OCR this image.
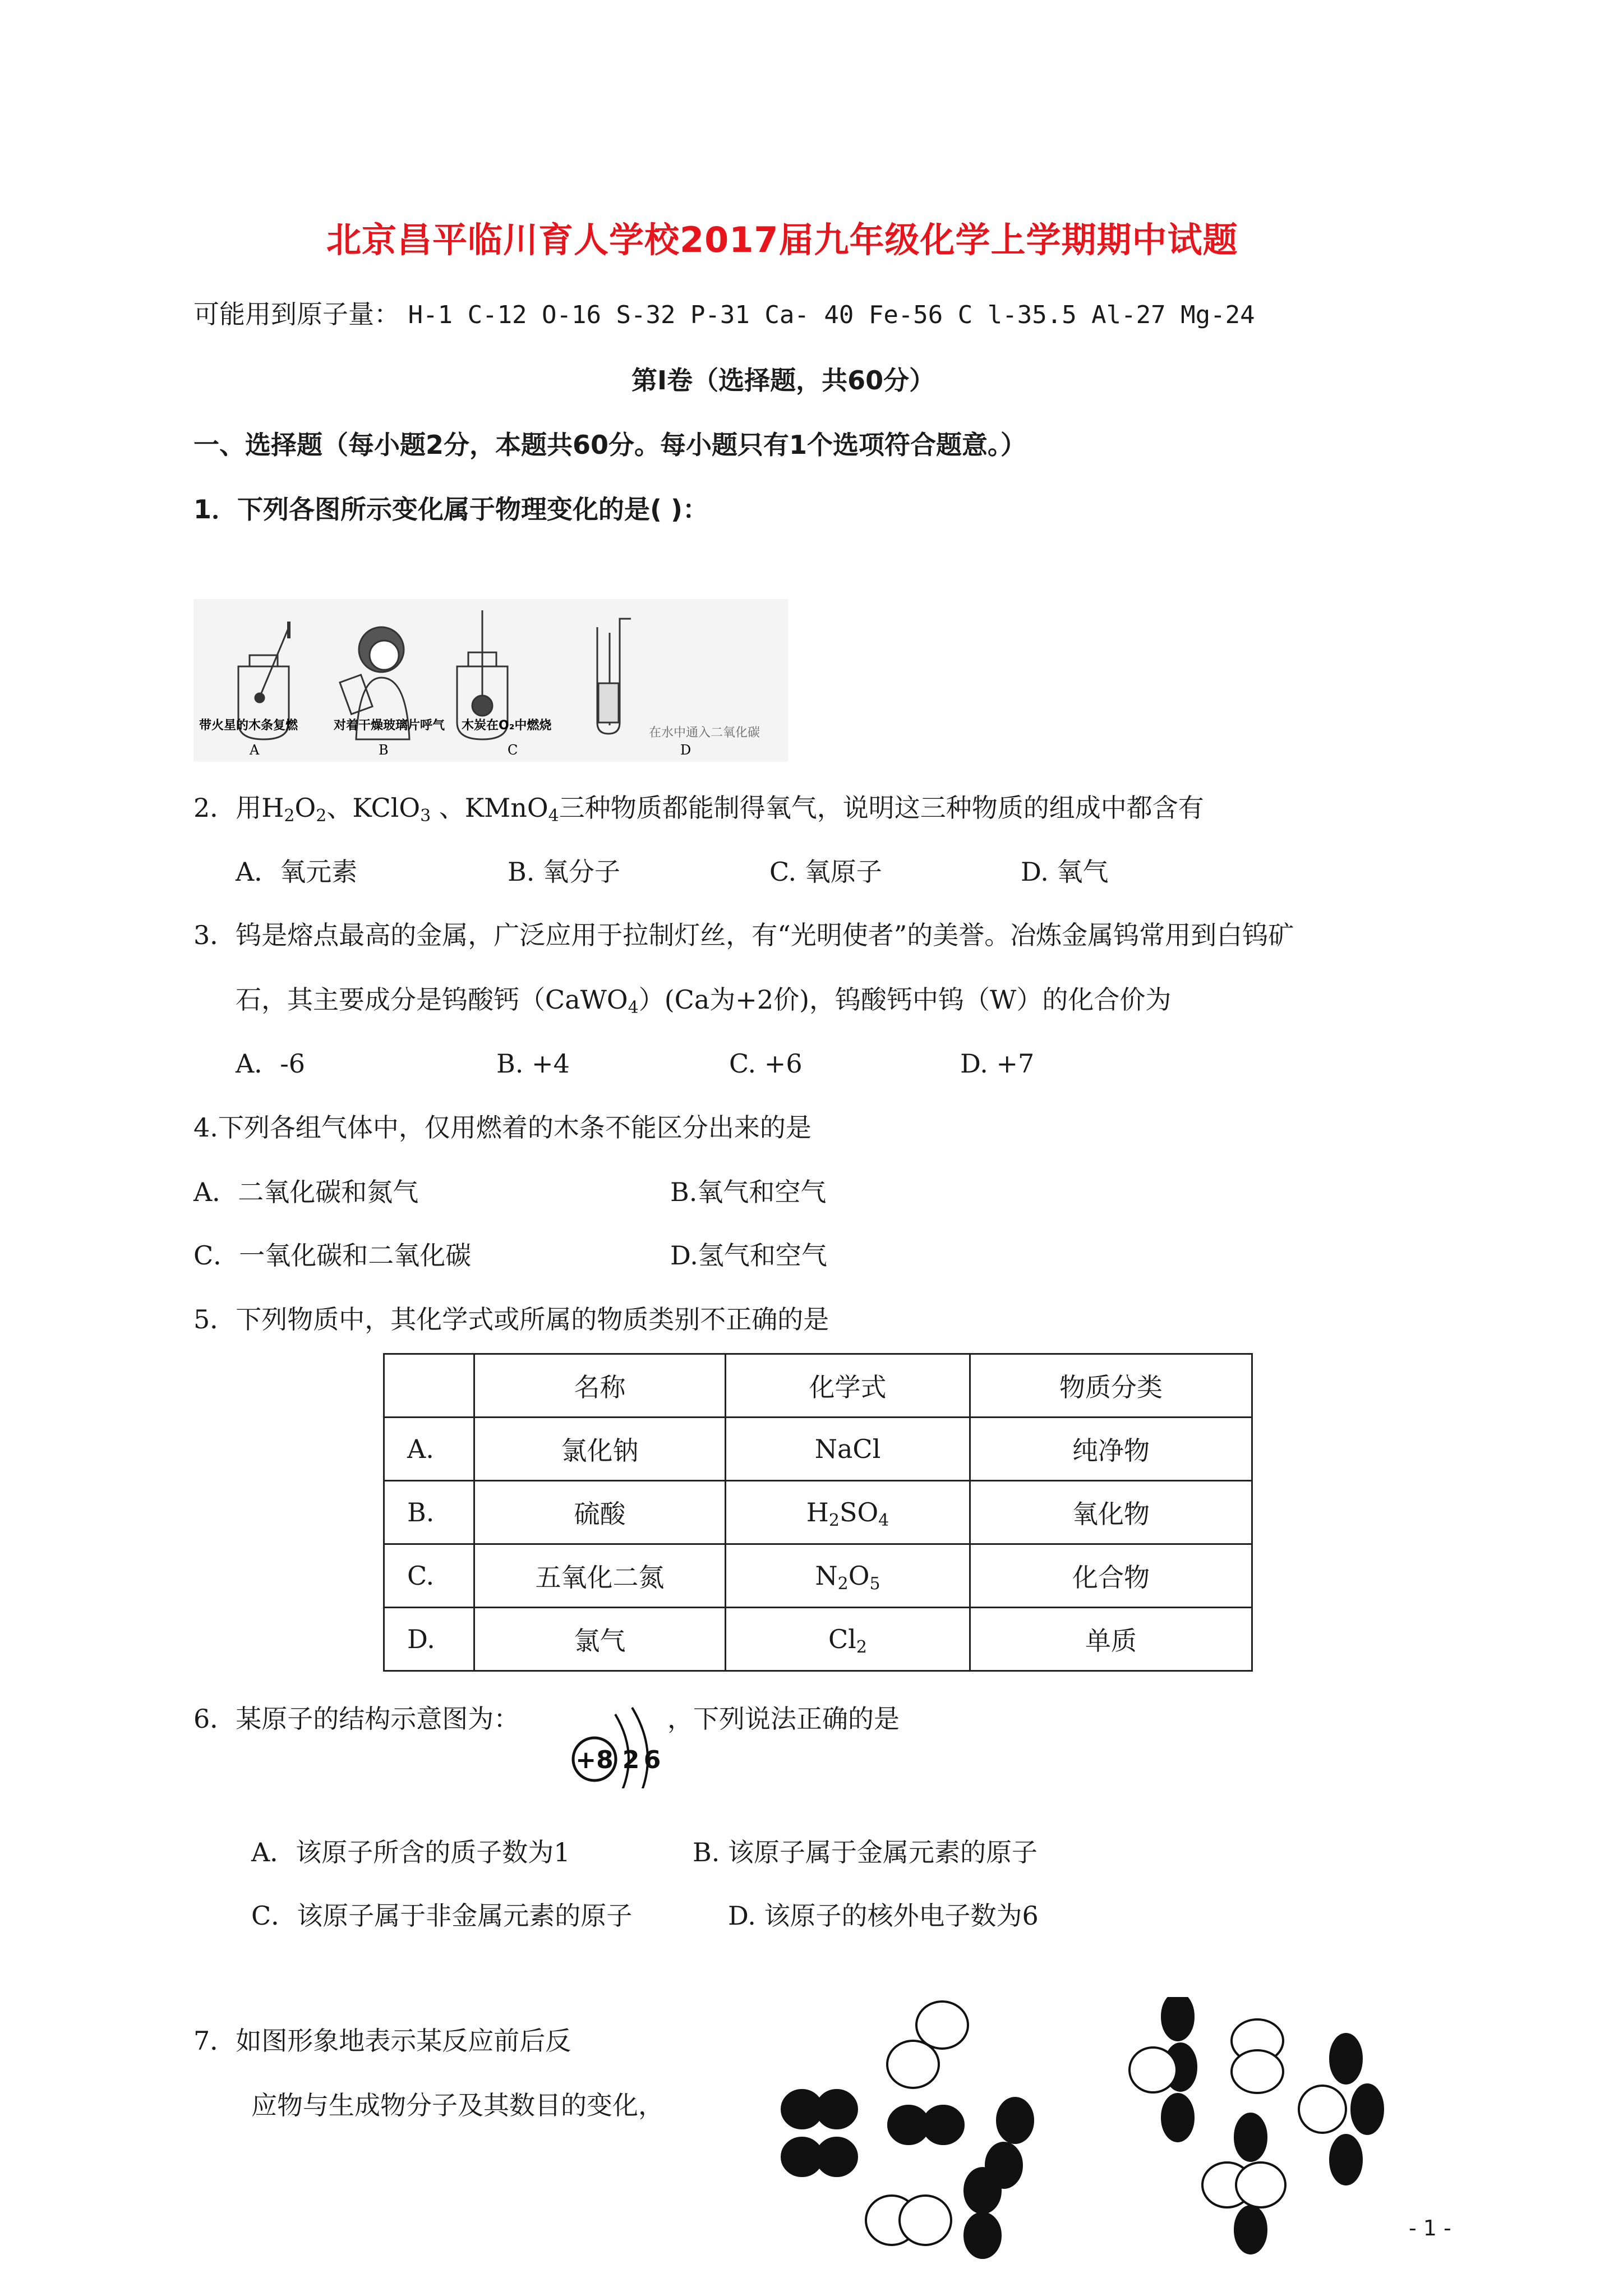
北京昌平临川育人学校2017届九年级化学上学期期中试题
可能用到原子量： H-1 C-12 O-16 S-32 P-31 Ca- 40 Fe-56 C l-35.5 Al-27 Mg-24
第Ⅰ卷（选择题，共60分）
一、选择题（每小题2分，本题共60分。每小题只有1个选项符合题意。）
1．下列各图所示变化属于物理变化的是( )：
带火星的木条复燃	对着干燥玻璃片呼气 木炭在O₂中燃烧
在水中通入二氧化碳
A	B	C	D
2．用$H_2O_2$、KClO$_3$ 、KMnO$_4$三种物质都能制得氧气，说明这三种物质的组成中都含有
A．氧元素	B. 氧分子	C. 氧原子	D. 氧气
3．钨是熔点最高的金属，广泛应用于拉制灯丝，有“光明使者”的美誉。冶炼金属钨常用到白钨矿
石，其主要成分是钨酸钙（CaWO$_4$）(Ca为+2价)，钨酸钙中钨（W）的化合价为
A．-6	B. +4	C. +6	D. +7
4.下列各组气体中，仅用燃着的木条不能区分出来的是
A．二氧化碳和氮气	B.氧气和空气
C．一氧化碳和二氧化碳	D.氢气和空气
5．下列物质中，其化学式或所属的物质类别不正确的是
	名称	化学式	物质分类
A.	氯化钠	NaCl	纯净物
B.	硫酸	$H_2SO_4$	氧化物
C.	五氧化二氮	$N_2O_5$	化合物
D.	氯气	$Cl_2$	单质
6．某原子的结构示意图为：
+8 2 6
，下列说法正确的是
A．该原子所含的质子数为1	B. 该原子属于金属元素的原子
C．该原子属于非金属元素的原子	D. 该原子的核外电子数为6
7．如图形象地表示某反应前后反
应物与生成物分子及其数目的变化，
- 1 -
